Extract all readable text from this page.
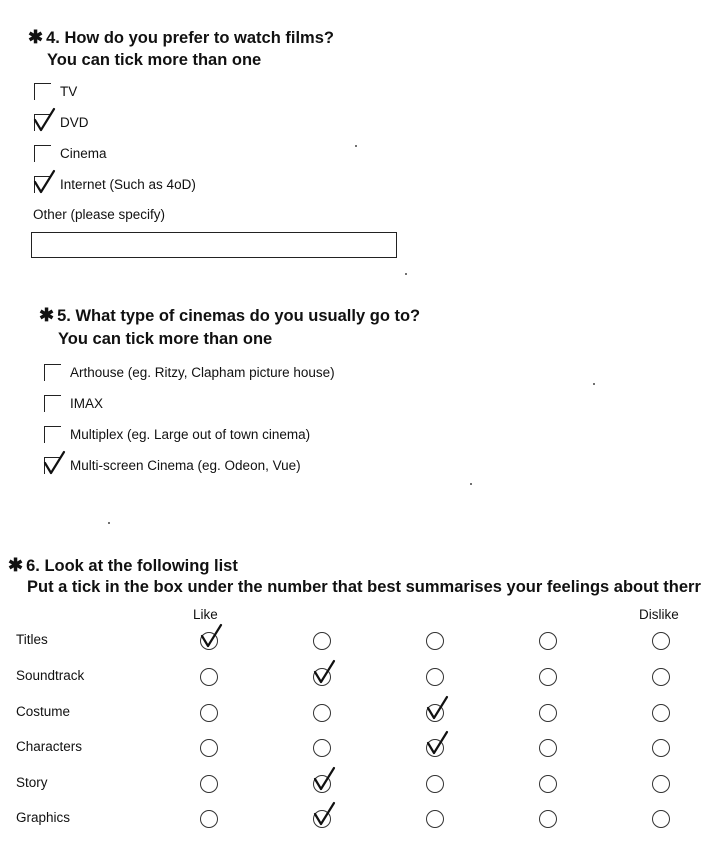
✱ 4. How do you prefer to watch films?
You can tick more than one
TV
DVD
Cinema
Internet (Such as 4oD)
Other (please specify)
✱ 5. What type of cinemas do you usually go to?
You can tick more than one
Arthouse (eg. Ritzy, Clapham picture house)
IMAX
Multiplex (eg. Large out of town cinema)
Multi-screen Cinema (eg. Odeon, Vue)
✱ 6. Look at the following list
Put a tick in the box under the number that best summarises your feelings about therr
Like	Dislike
Titles
Soundtrack
Costume
Characters
Story
Graphics
